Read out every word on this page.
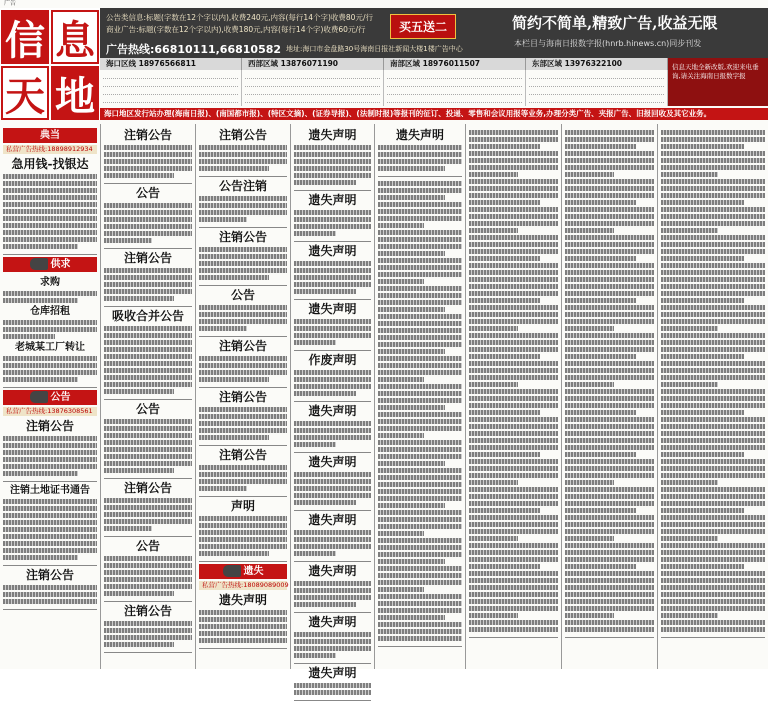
广告
信 息
天 地
公告类信息:标题(字数在12个字以内),收费240元,内容(每行14个字)收费80元/行
商业广告:标题(字数在12个字以内),收费180元,内容(每行14个字)收费60元/行
广告热线:66810111,66810582 地址:海口市金盘路30号海南日报社新闻大楼1楼广告中心
买五送二	简约不简单,精致广告,收益无限
本栏目与海南日报数字报(hnrb.hinews.cn)同步刊发
海口区线 18976566811	西部区域 13876071190	南部区域 18976011507	东部区域 13976322100	信息天地全新改版,欢迎来电垂询,请关注海南日报数字报
海口地区发行站办理(海南日报)、(南国都市报)、(特区文摘)、(证券导报)、(法制时报)等报刊的征订、投递、零售和会议用报等业务,办理分类广告、夹报广告、旧报回收及其它业务。
典当
私营广告热线:18898912934
急用钱-找银达
供求
求购
仓库招租
老城某工厂转让
公告
私营广告热线:13876308561
注销公告
注销土地证书通告
注销公告
注销公告
公告
注销公告
吸收合并公告
公告
注销公告
公告
注销公告
注销公告
公告注销
注销公告
公告
注销公告
注销公告
注销公告
声明
遗失
私营广告热线:18089089009
遗失声明
遗失声明
遗失声明
遗失声明
遗失声明
作废声明
遗失声明
遗失声明
遗失声明
遗失声明
遗失声明
遗失声明
遗失声明
